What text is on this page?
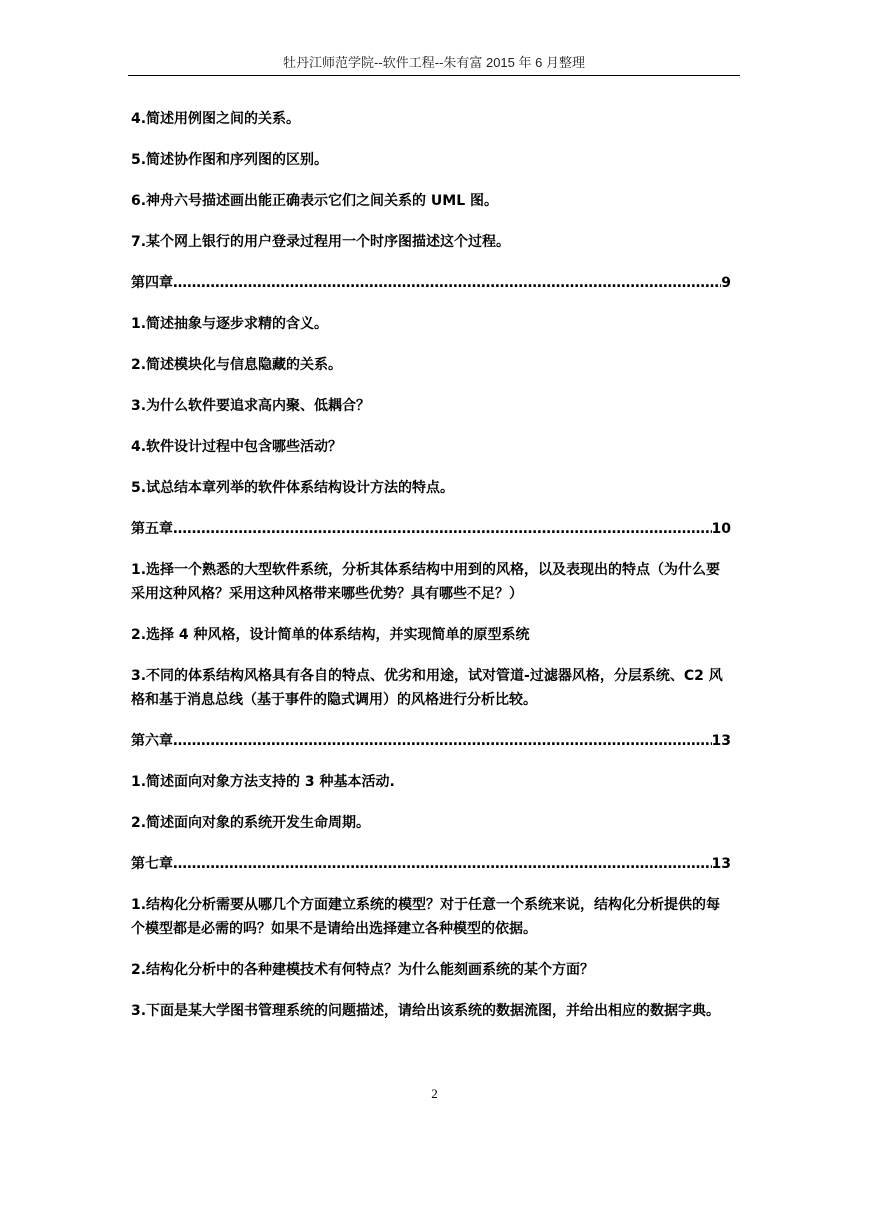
牡丹江师范学院--软件工程--朱有富 2015 年 6 月整理
4.简述用例图之间的关系。
5.简述协作图和序列图的区别。
6.神舟六号描述画出能正确表示它们之间关系的 UML 图。
7.某个网上银行的用户登录过程用一个时序图描述这个过程。
第四章 ………………………………………………………………………………………………………………………………………………………………………………	9
1.简述抽象与逐步求精的含义。
2.简述模块化与信息隐藏的关系。
3.为什么软件要追求高内聚、低耦合？
4.软件设计过程中包含哪些活动？
5.试总结本章列举的软件体系结构设计方法的特点。
第五章 ………………………………………………………………………………………………………………………………………………………………………………	10
1.选择一个熟悉的大型软件系统，分析其体系结构中用到的风格，以及表现出的特点（为什么要采用这种风格？采用这种风格带来哪些优势？具有哪些不足？）
2.选择 4 种风格，设计简单的体系结构，并实现简单的原型系统
3.不同的体系结构风格具有各自的特点、优劣和用途，试对管道-过滤器风格，分层系统、C2 风格和基于消息总线（基于事件的隐式调用）的风格进行分析比较。
第六章 ………………………………………………………………………………………………………………………………………………………………………………	13
1.简述面向对象方法支持的 3 种基本活动.
2.简述面向对象的系统开发生命周期。
第七章 ………………………………………………………………………………………………………………………………………………………………………………	13
1.结构化分析需要从哪几个方面建立系统的模型？对于任意一个系统来说，结构化分析提供的每个模型都是必需的吗？如果不是请给出选择建立各种模型的依据。
2.结构化分析中的各种建模技术有何特点？为什么能刻画系统的某个方面？
3.下面是某大学图书管理系统的问题描述，请给出该系统的数据流图，并给出相应的数据字典。
2
